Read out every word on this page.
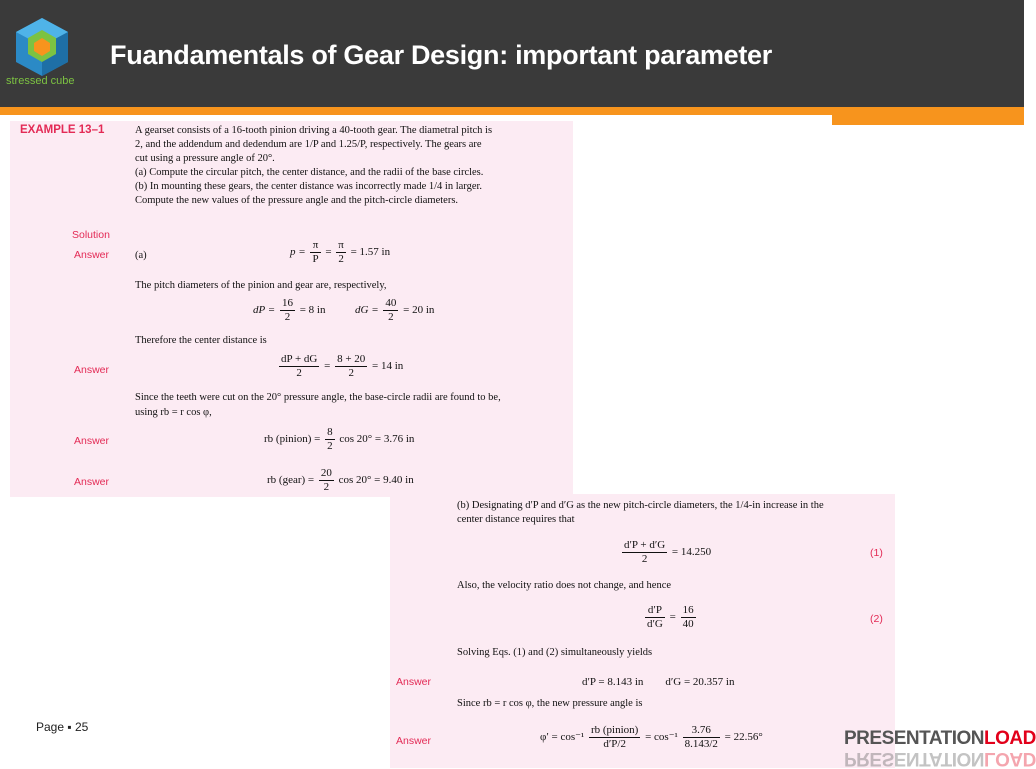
stressed cube
Fuandamentals of Gear Design: important parameter
EXAMPLE 13–1	A gearset consists of a 16-tooth pinion driving a 40-tooth gear. The diametral pitch is
2, and the addendum and dedendum are 1/P and 1.25/P, respectively. The gears are
cut using a pressure angle of 20°.
(a) Compute the circular pitch, the center distance, and the radii of the base circles.
(b) In mounting these gears, the center distance was incorrectly made 1/4 in larger.
Compute the new values of the pressure angle and the pitch-circle diameters.
Solution
Answer (a)	$p = \frac{\pi}{P} = \frac{\pi}{2} = 1.57$ in
The pitch diameters of the pinion and gear are, respectively,
dP = $\frac{16}{2} = 8$ in	dG = $\frac{40}{2} = 20$ in
Therefore the center distance is
Answer	$\frac{dP + dG}{2} = \frac{8 + 20}{2} = 14$ in
Since the teeth were cut on the 20° pressure angle, the base-circle radii are found to be,
using rb = r cos φ,
Answer	rb (pinion) = $\frac{8}{2}$ cos 20° = 3.76 in
Answer	rb (gear) = $\frac{20}{2}$ cos 20° = 9.40 in
(b) Designating d′P and d′G as the new pitch-circle diameters, the 1/4-in increase in the
center distance requires that
$\frac{d'P + d'G}{2} = 14.250$	(1)
Also, the velocity ratio does not change, and hence
$\frac{d'P}{d'G} = \frac{16}{40}$	(2)
Solving Eqs. (1) and (2) simultaneously yields
Answer	d′P = 8.143 in        d′G = 20.357 in
Since rb = r cos φ, the new pressure angle is
Answer	$\varphi' = \cos^{-1} \frac{\text{rb (pinion)}}{d'P/2} = \cos^{-1} \frac{3.76}{8.143/2} = 22.56^\circ$
Page ▪ 25
PRESENTATIONLOAD
PRESENTATIONLOAD
